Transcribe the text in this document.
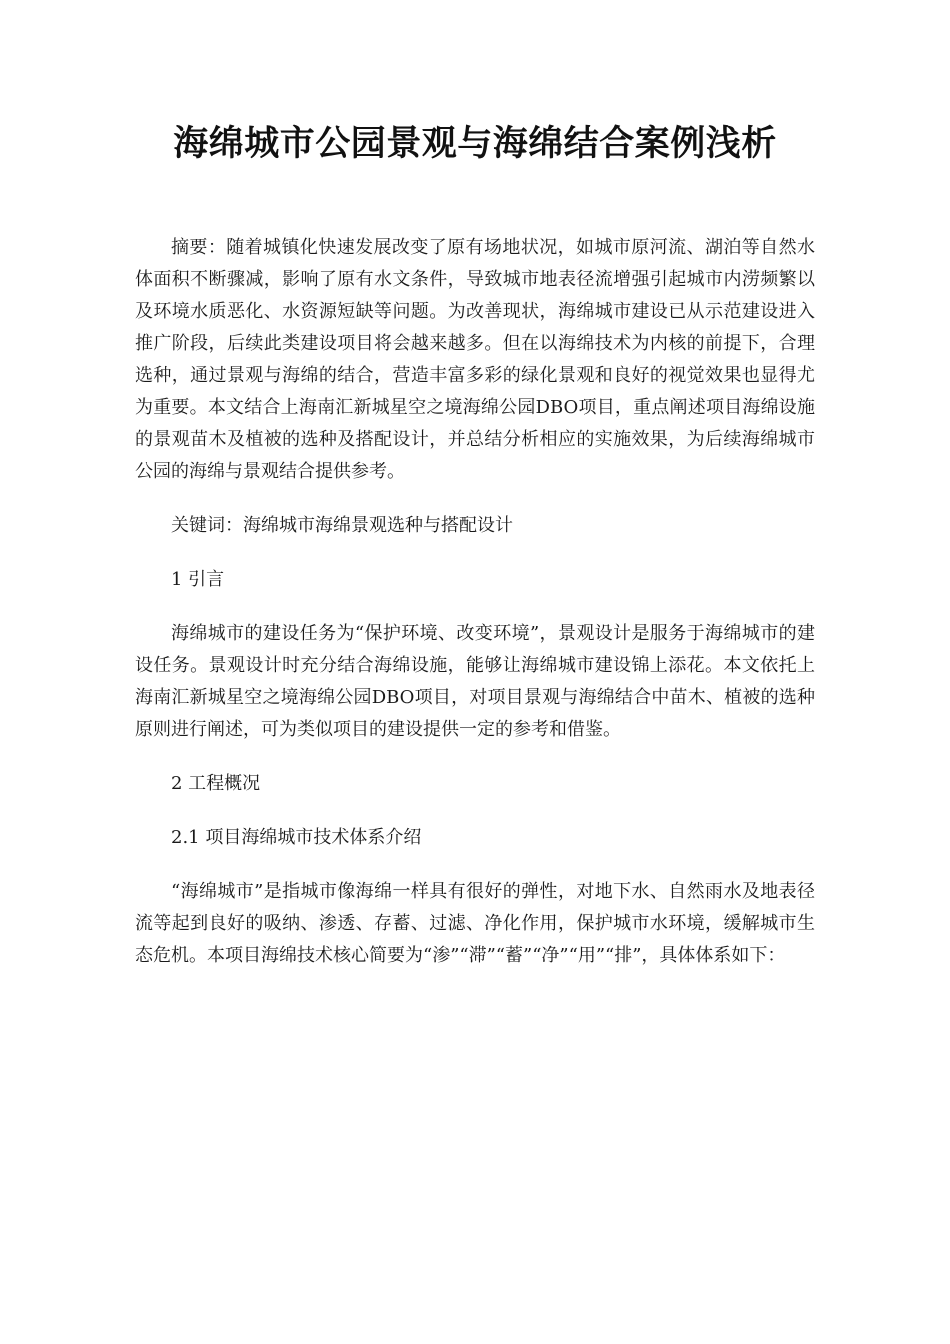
海绵城市公园景观与海绵结合案例浅析

摘要：随着城镇化快速发展改变了原有场地状况，如城市原河流、湖泊等自然水体面积不断骤减，影响了原有水文条件，导致城市地表径流增强引起城市内涝频繁以及环境水质恶化、水资源短缺等问题。为改善现状，海绵城市建设已从示范建设进入推广阶段，后续此类建设项目将会越来越多。但在以海绵技术为内核的前提下，合理选种，通过景观与海绵的结合，营造丰富多彩的绿化景观和良好的视觉效果也显得尤为重要。本文结合上海南汇新城星空之境海绵公园DBO项目，重点阐述项目海绵设施的景观苗木及植被的选种及搭配设计，并总结分析相应的实施效果，为后续海绵城市公园的海绵与景观结合提供参考。

关键词：海绵城市海绵景观选种与搭配设计

1 引言

海绵城市的建设任务为“保护环境、改变环境”，景观设计是服务于海绵城市的建设任务。景观设计时充分结合海绵设施，能够让海绵城市建设锦上添花。本文依托上海南汇新城星空之境海绵公园DBO项目，对项目景观与海绵结合中苗木、植被的选种原则进行阐述，可为类似项目的建设提供一定的参考和借鉴。

2 工程概况

2.1 项目海绵城市技术体系介绍

“海绵城市”是指城市像海绵一样具有很好的弹性，对地下水、自然雨水及地表径流等起到良好的吸纳、渗透、存蓄、过滤、净化作用，保护城市水环境，缓解城市生态危机。本项目海绵技术核心简要为“渗”“滞”“蓄”“净”“用”“排”，具体体系如下：
